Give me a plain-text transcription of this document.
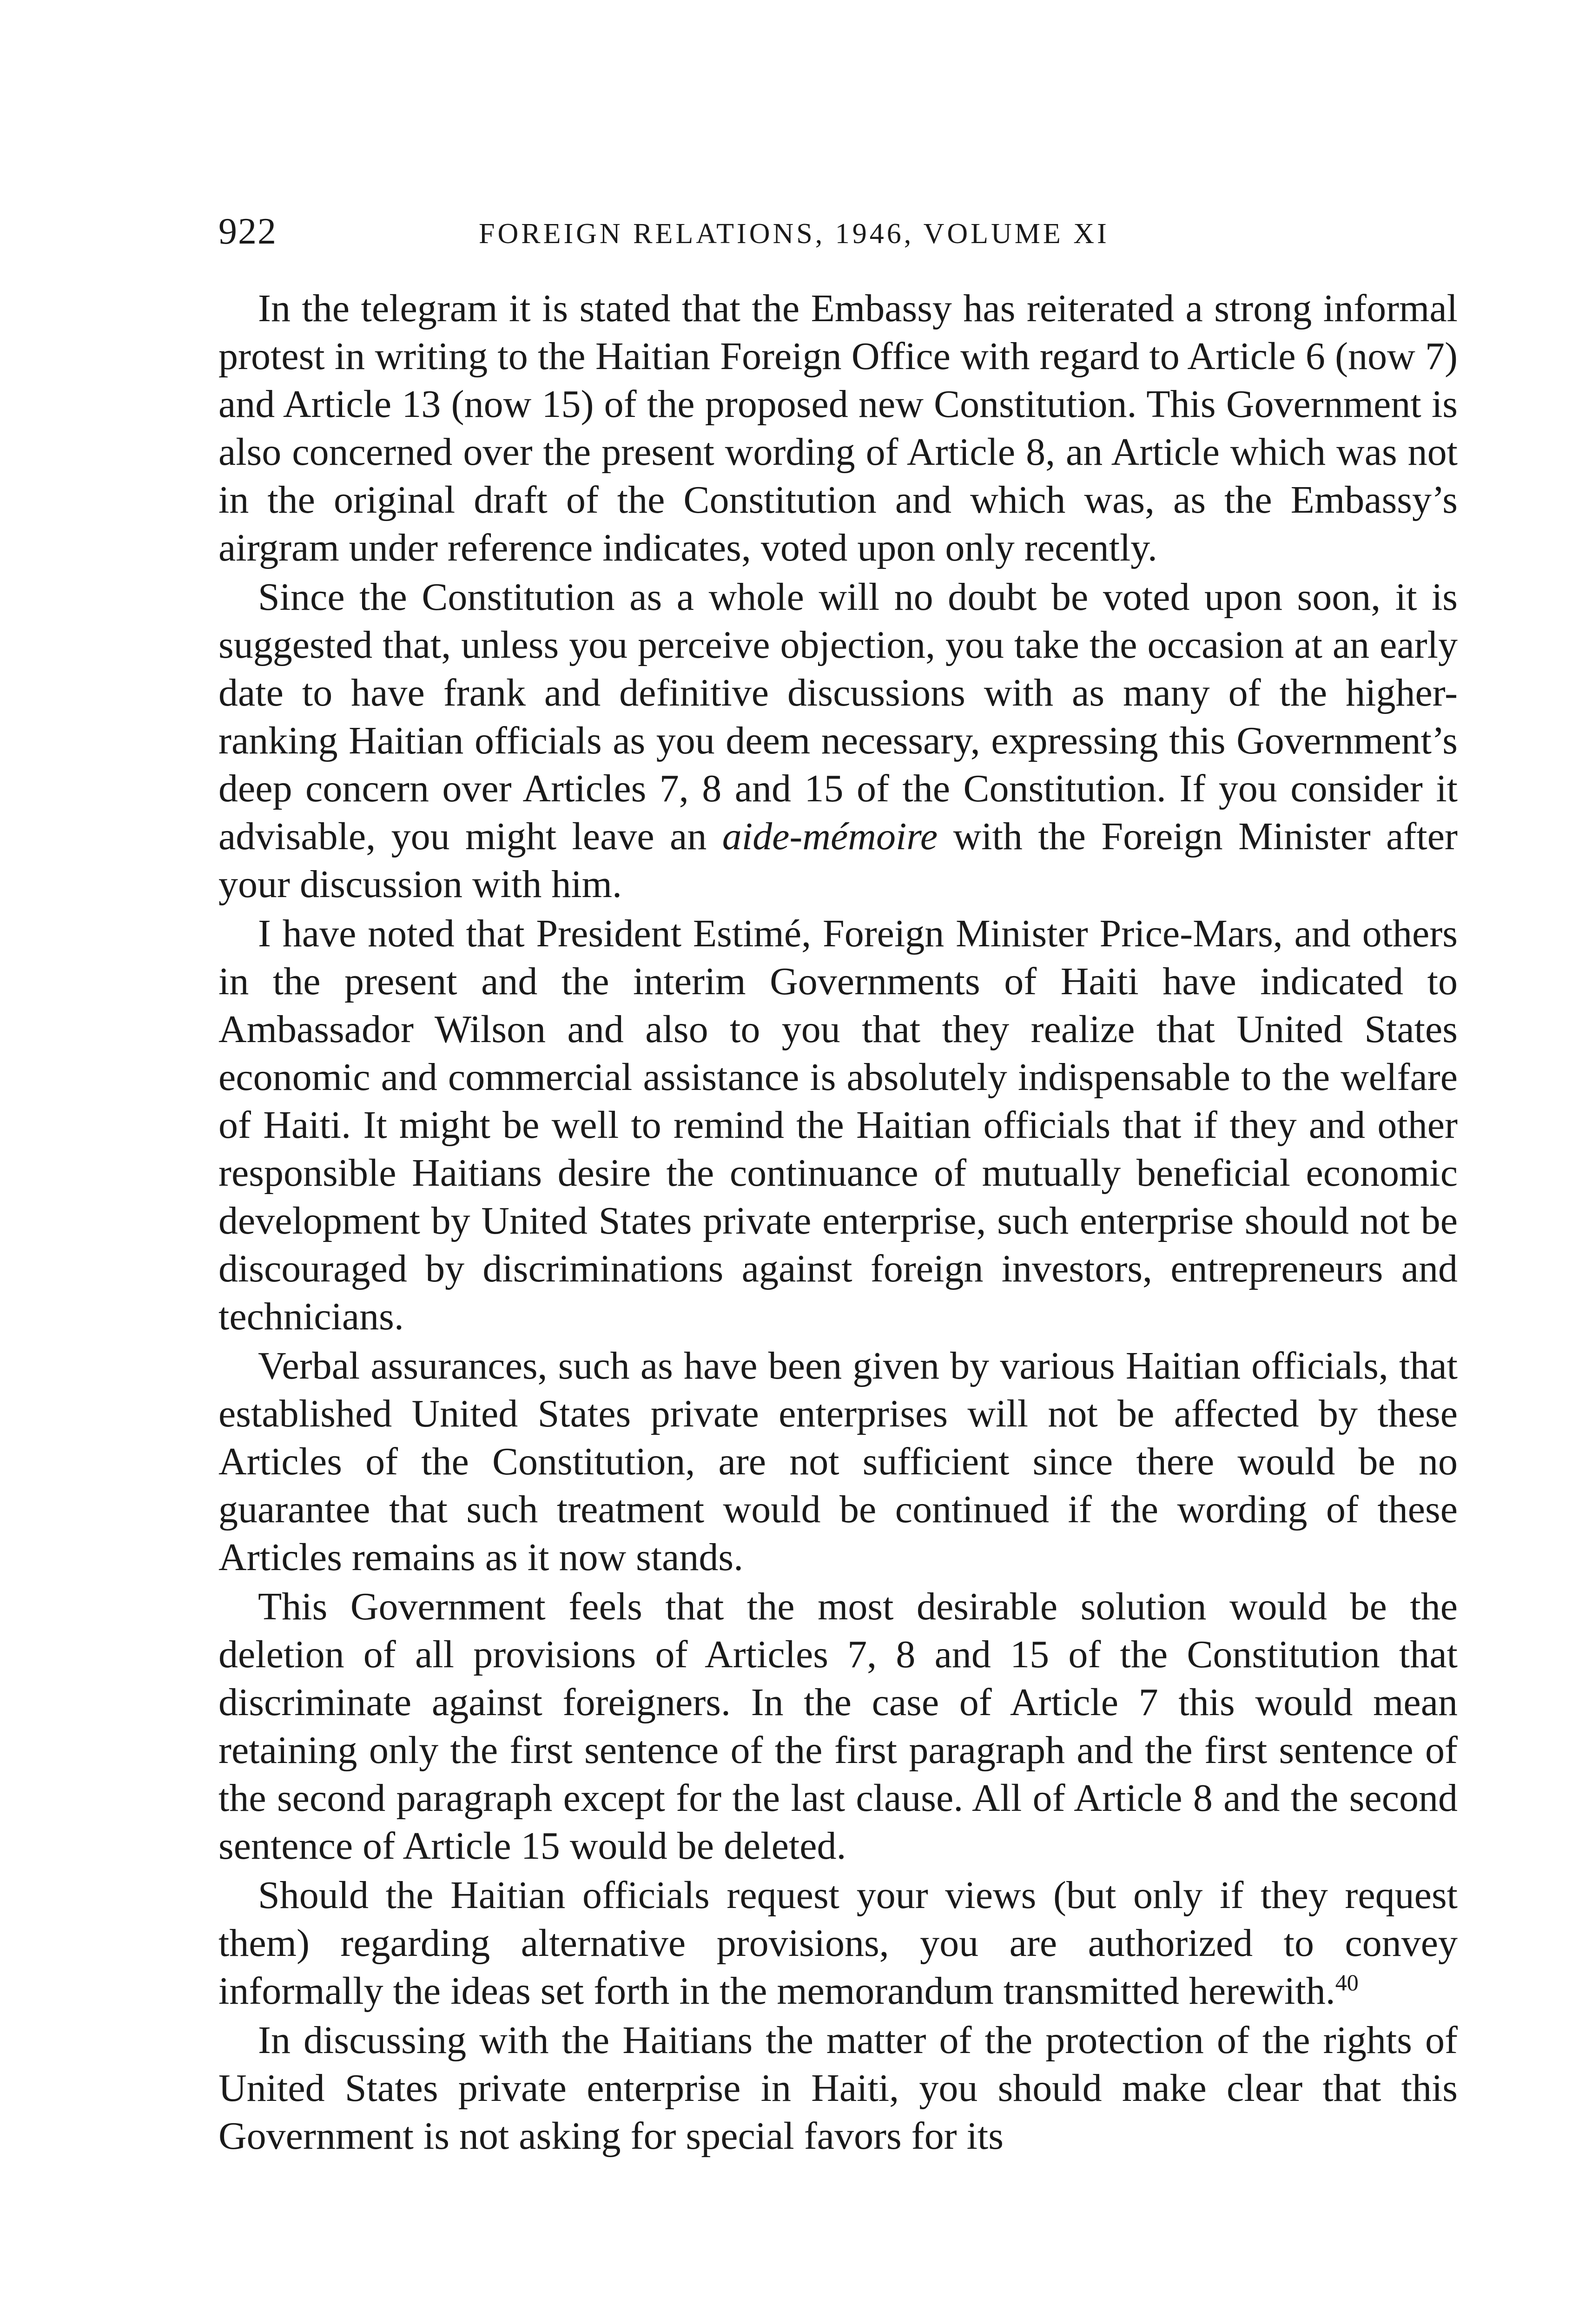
922	FOREIGN RELATIONS, 1946, VOLUME XI

In the telegram it is stated that the Embassy has reiterated a strong informal protest in writing to the Haitian Foreign Office with regard to Article 6 (now 7) and Article 13 (now 15) of the proposed new Constitution. This Government is also concerned over the present wording of Article 8, an Article which was not in the original draft of the Constitution and which was, as the Embassy’s airgram under reference indicates, voted upon only recently.

Since the Constitution as a whole will no doubt be voted upon soon, it is suggested that, unless you perceive objection, you take the occasion at an early date to have frank and definitive discussions with as many of the higher-ranking Haitian officials as you deem necessary, expressing this Government’s deep concern over Articles 7, 8 and 15 of the Constitution. If you consider it advisable, you might leave an aide-mémoire with the Foreign Minister after your discussion with him.

I have noted that President Estimé, Foreign Minister Price-Mars, and others in the present and the interim Governments of Haiti have indicated to Ambassador Wilson and also to you that they realize that United States economic and commercial assistance is absolutely indispensable to the welfare of Haiti. It might be well to remind the Haitian officials that if they and other responsible Haitians desire the continuance of mutually beneficial economic development by United States private enterprise, such enterprise should not be discouraged by discriminations against foreign investors, entrepreneurs and technicians.

Verbal assurances, such as have been given by various Haitian officials, that established United States private enterprises will not be affected by these Articles of the Constitution, are not sufficient since there would be no guarantee that such treatment would be continued if the wording of these Articles remains as it now stands.

This Government feels that the most desirable solution would be the deletion of all provisions of Articles 7, 8 and 15 of the Constitution that discriminate against foreigners. In the case of Article 7 this would mean retaining only the first sentence of the first paragraph and the first sentence of the second paragraph except for the last clause. All of Article 8 and the second sentence of Article 15 would be deleted.

Should the Haitian officials request your views (but only if they request them) regarding alternative provisions, you are authorized to convey informally the ideas set forth in the memorandum transmitted herewith.$^{40}$

In discussing with the Haitians the matter of the protection of the rights of United States private enterprise in Haiti, you should make clear that this Government is not asking for special favors for its
